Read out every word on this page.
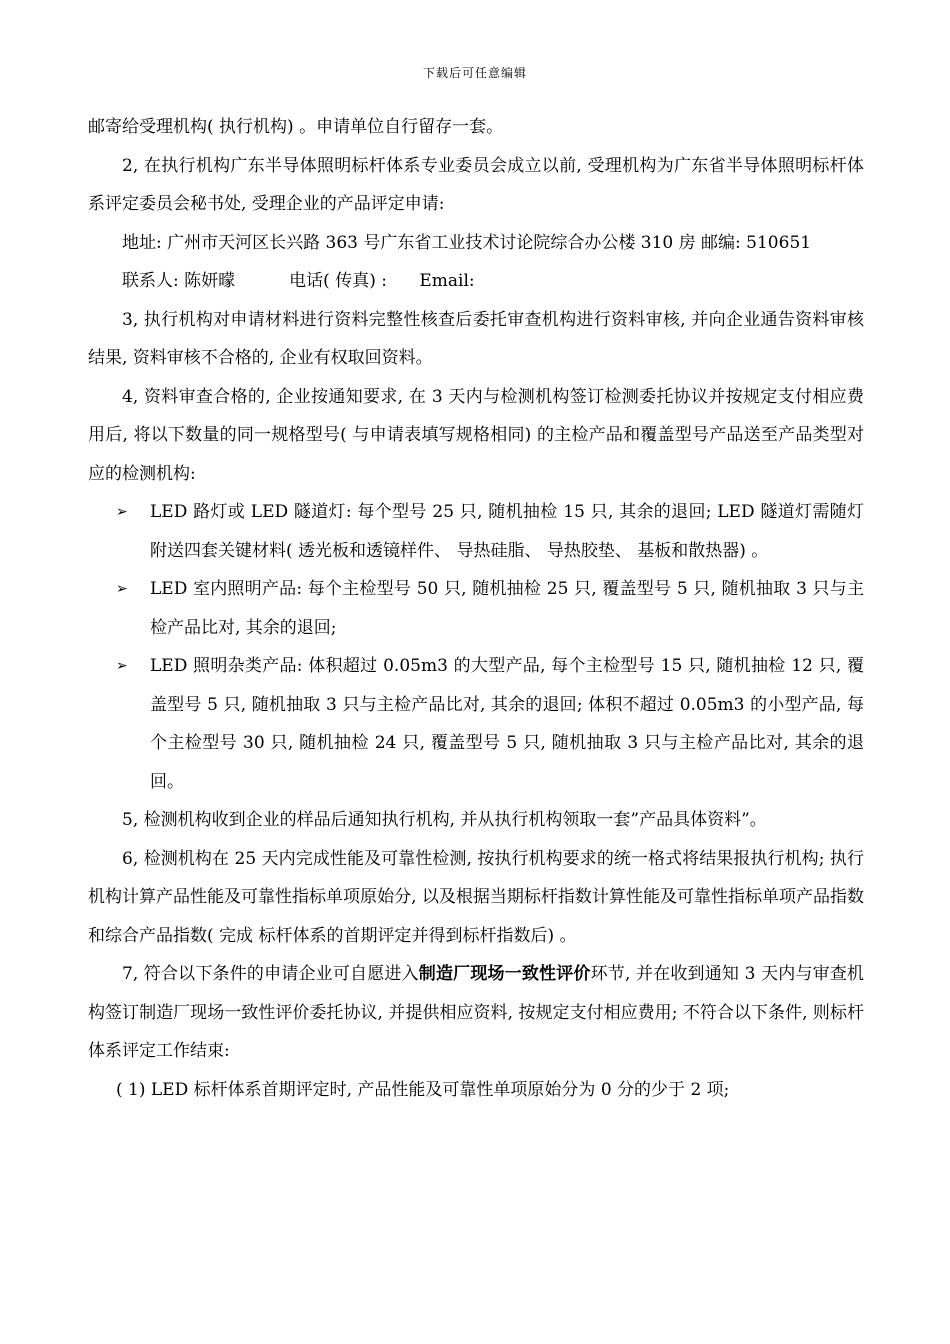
下载后可任意编辑

邮寄给受理机构( 执行机构) 。申请单位自行留存一套。

2, 在执行机构广东半导体照明标杆体系专业委员会成立以前, 受理机构为广东省半导体照明标杆体系评定委员会秘书处, 受理企业的产品评定申请:

地址: 广州市天河区长兴路 363 号广东省工业技术讨论院综合办公楼 310 房 邮编: 510651

联系人: 陈妍曚          电话( 传真) :      Email:

3, 执行机构对申请材料进行资料完整性核查后委托审查机构进行资料审核, 并向企业通告资料审核结果, 资料审核不合格的, 企业有权取回资料。

4, 资料审查合格的, 企业按通知要求, 在 3 天内与检测机构签订检测委托协议并按规定支付相应费用后, 将以下数量的同一规格型号( 与申请表填写规格相同) 的主检产品和覆盖型号产品送至产品类型对应的检测机构:

➢ LED 路灯或 LED 隧道灯: 每个型号 25 只, 随机抽检 15 只, 其余的退回; LED 隧道灯需随灯附送四套关键材料( 透光板和透镜样件、 导热硅脂、 导热胶垫、 基板和散热器) 。

➢ LED 室内照明产品: 每个主检型号 50 只, 随机抽检 25 只, 覆盖型号 5 只, 随机抽取 3 只与主检产品比对, 其余的退回;

➢ LED 照明杂类产品: 体积超过 0.05m3 的大型产品, 每个主检型号 15 只, 随机抽检 12 只, 覆盖型号 5 只, 随机抽取 3 只与主检产品比对, 其余的退回; 体积不超过 0.05m3 的小型产品, 每个主检型号 30 只, 随机抽检 24 只, 覆盖型号 5 只, 随机抽取 3 只与主检产品比对, 其余的退回。

5, 检测机构收到企业的样品后通知执行机构, 并从执行机构领取一套”产品具体资料”。

6, 检测机构在 25 天内完成性能及可靠性检测, 按执行机构要求的统一格式将结果报执行机构; 执行机构计算产品性能及可靠性指标单项原始分, 以及根据当期标杆指数计算性能及可靠性指标单项产品指数和综合产品指数( 完成 标杆体系的首期评定并得到标杆指数后) 。

7, 符合以下条件的申请企业可自愿进入制造厂现场一致性评价环节, 并在收到通知 3 天内与审查机构签订制造厂现场一致性评价委托协议, 并提供相应资料, 按规定支付相应费用; 不符合以下条件, 则标杆体系评定工作结束:

( 1) LED 标杆体系首期评定时, 产品性能及可靠性单项原始分为 0 分的少于 2 项;
